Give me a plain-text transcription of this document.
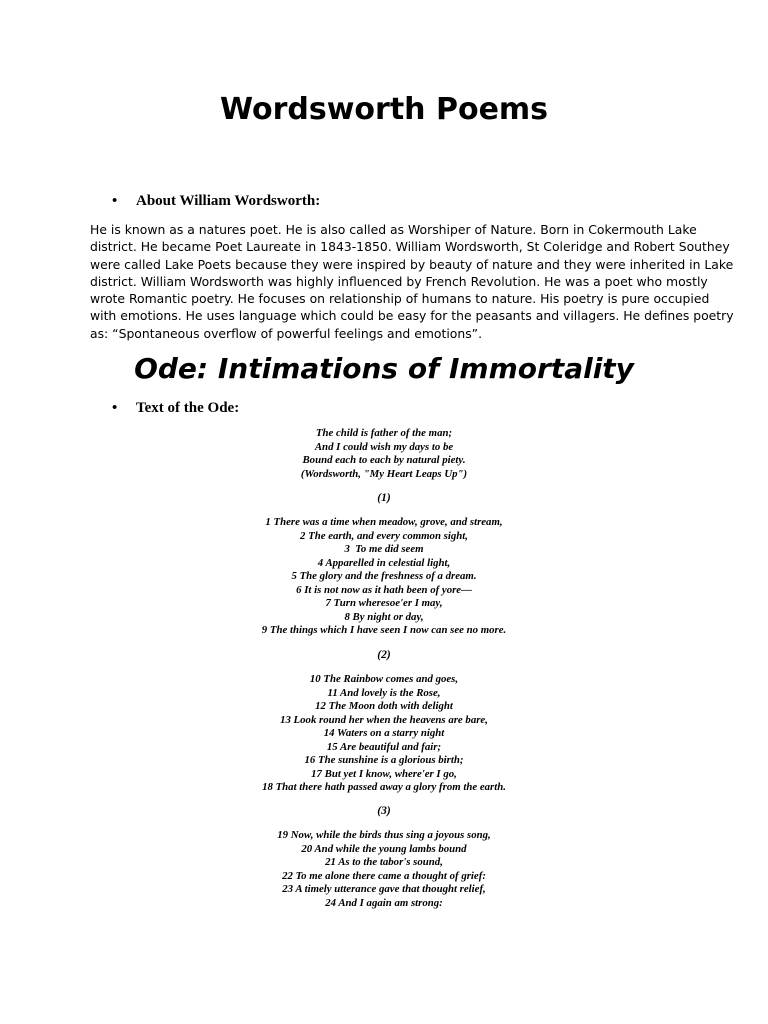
Wordsworth Poems
• About William Wordsworth:

He is known as a natures poet. He is also called as Worshiper of Nature. Born in Cokermouth Lake
district. He became Poet Laureate in 1843-1850. William Wordsworth, St Coleridge and Robert Southey
were called Lake Poets because they were inspired by beauty of nature and they were inherited in Lake
district. William Wordsworth was highly influenced by French Revolution. He was a poet who mostly
wrote Romantic poetry. He focuses on relationship of humans to nature. His poetry is pure occupied
with emotions. He uses language which could be easy for the peasants and villagers. He defines poetry
as: “Spontaneous overflow of powerful feelings and emotions”.

Ode: Intimations of Immortality
• Text of the Ode:
The child is father of the man;
And I could wish my days to be
Bound each to each by natural piety.
(Wordsworth, "My Heart Leaps Up")
(1)
1 There was a time when meadow, grove, and stream,
2 The earth, and every common sight,
3  To me did seem
4 Apparelled in celestial light,
5 The glory and the freshness of a dream.
6 It is not now as it hath been of yore—
7 Turn wheresoe'er I may,
8 By night or day,
9 The things which I have seen I now can see no more.
(2)
10 The Rainbow comes and goes,
11 And lovely is the Rose,
12 The Moon doth with delight
13 Look round her when the heavens are bare,
14 Waters on a starry night
15 Are beautiful and fair;
16 The sunshine is a glorious birth;
17 But yet I know, where'er I go,
18 That there hath passed away a glory from the earth.
(3)
19 Now, while the birds thus sing a joyous song,
20 And while the young lambs bound
21 As to the tabor's sound,
22 To me alone there came a thought of grief:
23 A timely utterance gave that thought relief,
24 And I again am strong:
